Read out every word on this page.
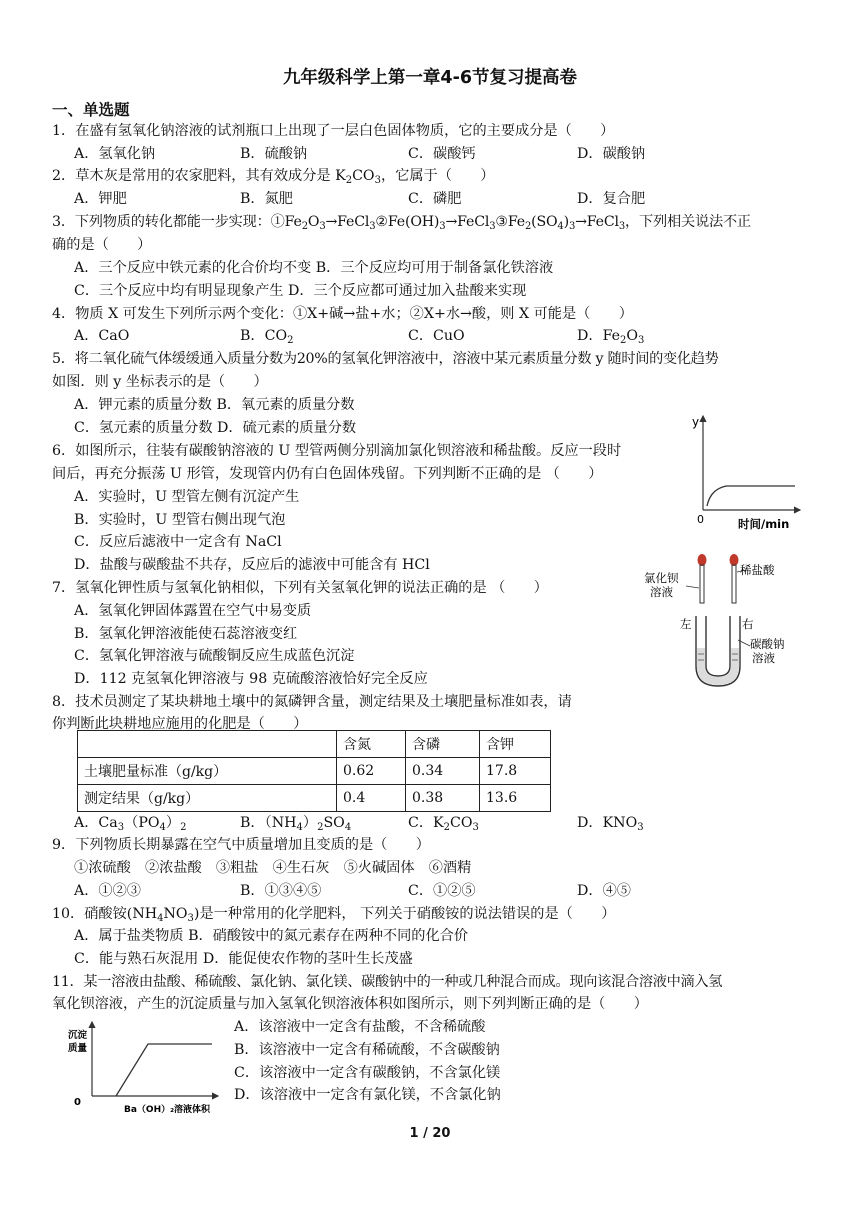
九年级科学上第一章4-6节复习提高卷
一、单选题
1．在盛有氢氧化钠溶液的试剂瓶口上出现了一层白色固体物质，它的主要成分是（　　）
A．氢氧化钠	B．硫酸钠	C．碳酸钙	D．碳酸钠
2．草木灰是常用的农家肥料，其有效成分是 $K_2CO_3$，它属于（　　）
A．钾肥	B．氮肥	C．磷肥	D．复合肥
3．下列物质的转化都能一步实现：$①Fe_2O_3\to FeCl_3②Fe(OH)_3\to FeCl_3③Fe_2(SO_4)_3\to FeCl_3$，下列相关说法不正
确的是（　　）
A．三个反应中铁元素的化合价均不变 B．三个反应均可用于制备氯化铁溶液
C．三个反应中均有明显现象产生 D．三个反应都可通过加入盐酸来实现
4．物质 X 可发生下列所示两个变化：①X+碱→盐+水；②X+水→酸，则 X 可能是（　　）
A．CaO	B．$CO_2$	C．CuO	D．$Fe_2O_3$
5．将二氧化硫气体缓缓通入质量分数为20%的氢氧化钾溶液中，溶液中某元素质量分数 y 随时间的变化趋势
如图．则 y 坐标表示的是（　　）
A．钾元素的质量分数 B．氧元素的质量分数
C．氢元素的质量分数 D．硫元素的质量分数	y
0	时间/min
6．如图所示，往装有碳酸钠溶液的 U 型管两侧分别滴加氯化钡溶液和稀盐酸。反应一段时
间后，再充分振荡 U 形管，发现管内仍有白色固体残留。下列判断不正确的是 （　　）
A．实验时，U 型管左侧有沉淀产生
B．实验时，U 型管右侧出现气泡
C．反应后滤液中一定含有 NaCl
D．盐酸与碳酸盐不共存，反应后的滤液中可能含有 HCl
氯化钡
溶液
稀盐酸
左	右
碳酸钠
溶液
7．氢氧化钾性质与氢氧化钠相似，下列有关氢氧化钾的说法正确的是 （　　）
A．氢氧化钾固体露置在空气中易变质
B．氢氧化钾溶液能使石蕊溶液变红
C．氢氧化钾溶液与硫酸铜反应生成蓝色沉淀
D．112 克氢氧化钾溶液与 98 克硫酸溶液恰好完全反应
8．技术员测定了某块耕地土壤中的氮磷钾含量，测定结果及土壤肥量标准如表，请
你判断此块耕地应施用的化肥是（　　）
	含氮	含磷	含钾
土壤肥量标准（g/kg）	0.62	0.34	17.8
测定结果（g/kg）	0.4	0.38	13.6
A．$Ca_3(PO_4)_2$	B．$(NH_4)_2SO_4$	C．$K_2CO_3$	D．$KNO_3$
9．下列物质长期暴露在空气中质量增加且变质的是（　　）
①浓硫酸　②浓盐酸　③粗盐　④生石灰　⑤火碱固体　⑥酒精
A．①②③	B．①③④⑤	C．①②⑤	D．④⑤
10．硝酸铵$(NH_4NO_3)$是一种常用的化学肥料， 下列关于硝酸铵的说法错误的是（　　）
A．属于盐类物质 B．硝酸铵中的氮元素存在两种不同的化合价
C．能与熟石灰混用 D．能促使农作物的茎叶生长茂盛
11．某一溶液由盐酸、稀硫酸、氯化钠、氯化镁、碳酸钠中的一种或几种混合而成。现向该混合溶液中滴入氢
氧化钡溶液，产生的沉淀质量与加入氢氧化钡溶液体积如图所示，则下列判断正确的是（　　）
A．该溶液中一定含有盐酸，不含稀硫酸
B．该溶液中一定含有稀硫酸，不含碳酸钠
C．该溶液中一定含有碳酸钠，不含氯化镁
D．该溶液中一定含有氯化镁，不含氯化钠
沉淀
质量
0
Ba（OH）₂溶液体积
1 / 20
